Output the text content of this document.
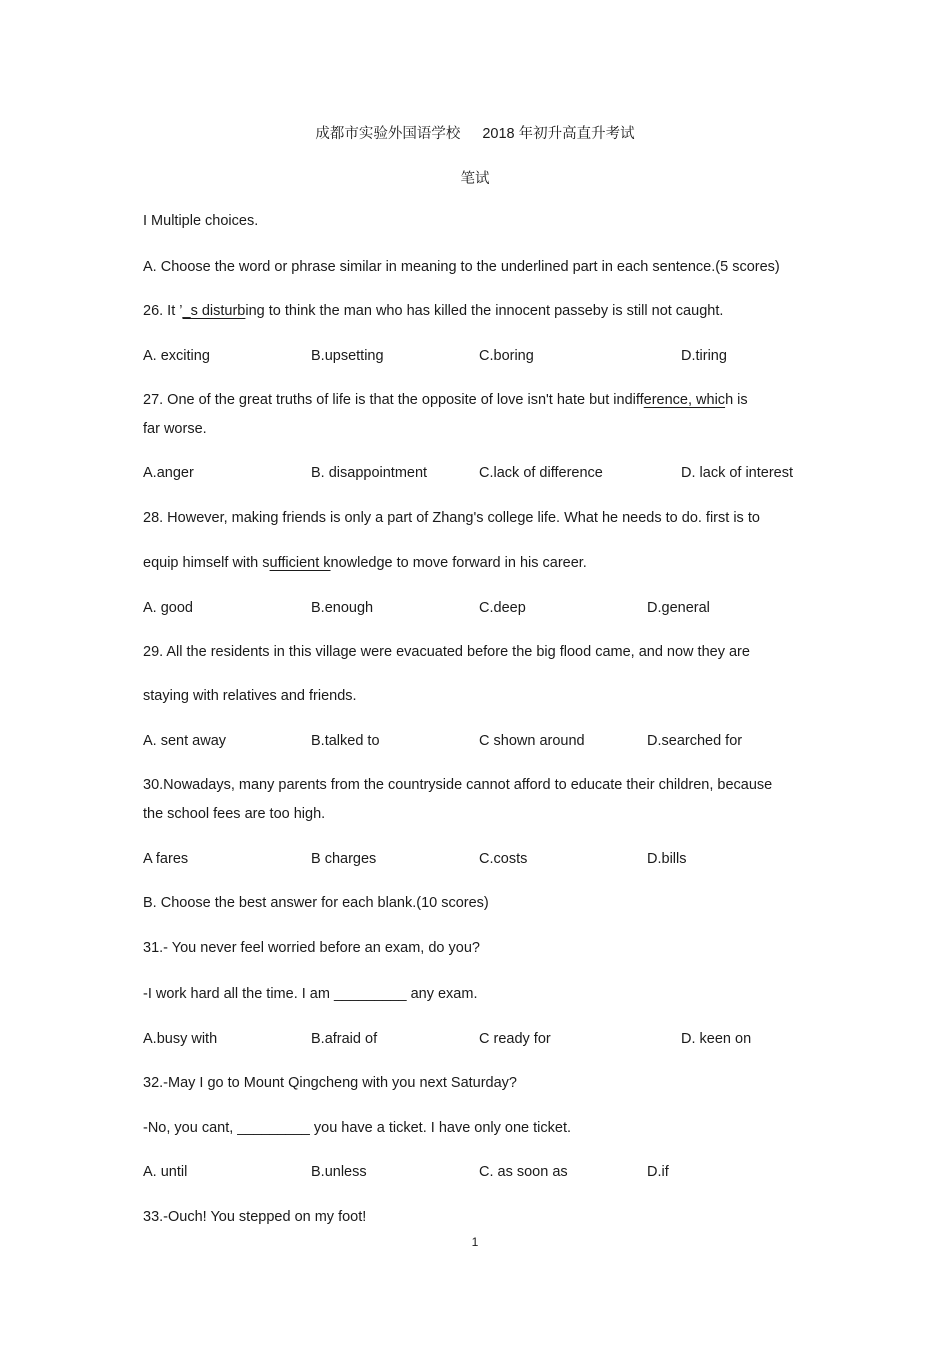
成都市实验外国语学校 2018 年初升高直升考试
笔试
I Multiple choices.
A. Choose the word or phrase similar in meaning to the underlined part in each sentence.(5 scores)
26. It ’_s disturbing to think the man who has killed the innocent passeby is still not caught.
A. exciting	B.upsetting	C.boring	D.tiring
27. One of the great truths of life is that the opposite of love isn't hate but indifference, which is
far worse.
A.anger	B. disappointment	C.lack of difference	D. lack of interest
28. However, making friends is only a part of Zhang's college life. What he needs to do. first is to
equip himself with sufficient knowledge to move forward in his career.
A. good	B.enough	C.deep	D.general
29. All the residents in this village were evacuated before the big flood came, and now they are
staying with relatives and friends.
A. sent away	B.talked to	C shown around	D.searched for
30.Nowadays, many parents from the countryside cannot afford to educate their children, because
the school fees are too high.
A fares	B charges	C.costs	D.bills
B. Choose the best answer for each blank.(10 scores)
31.- You never feel worried before an exam, do you?
-I work hard all the time. I am _________ any exam.
A.busy with	B.afraid of	C ready for	D. keen on
32.-May I go to Mount Qingcheng with you next Saturday?
-No, you cant, _________ you have a ticket. I have only one ticket.
A. until	B.unless	C. as soon as	D.if
33.-Ouch! You stepped on my foot!
1
